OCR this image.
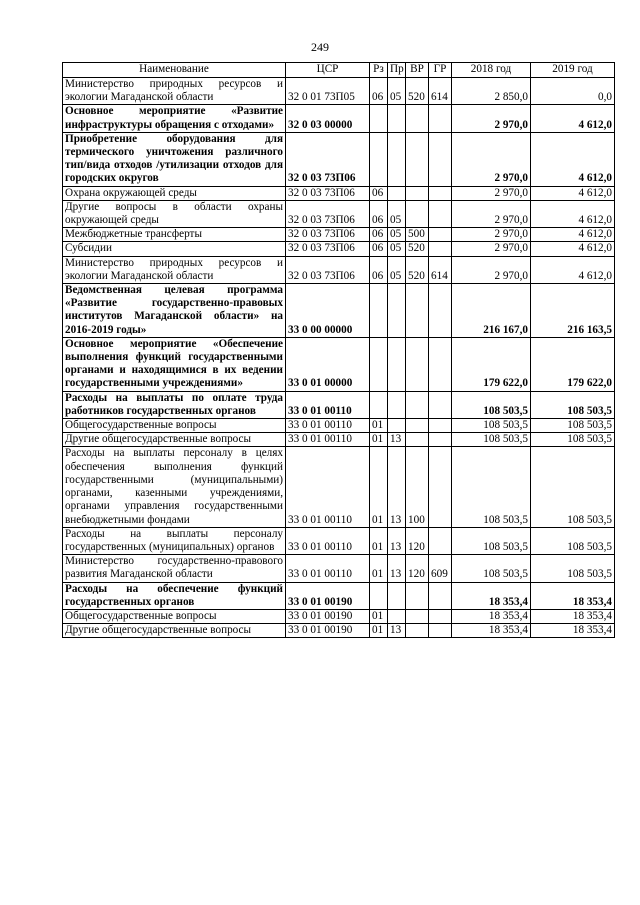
249
Наименование	ЦСР	Рз	Пр	ВР	ГР	2018 год	2019 год
Министерство природных ресурсов и экологии Магаданской области	32 0 01 73П05	06	05	520	614	2 850,0	0,0
Основное мероприятие «Развитие инфраструктуры обращения с отходами»	32 0 03 00000					2 970,0	4 612,0
Приобретение оборудования для термического уничтожения различного тип/вида отходов /утилизации отходов для городских округов	32 0 03 73П06					2 970,0	4 612,0
Охрана окружающей среды	32 0 03 73П06	06				2 970,0	4 612,0
Другие вопросы в области охраны окружающей среды	32 0 03 73П06	06	05			2 970,0	4 612,0
Межбюджетные трансферты	32 0 03 73П06	06	05	500		2 970,0	4 612,0
Субсидии	32 0 03 73П06	06	05	520		2 970,0	4 612,0
Министерство природных ресурсов и экологии Магаданской области	32 0 03 73П06	06	05	520	614	2 970,0	4 612,0
Ведомственная целевая программа «Развитие государственно-правовых институтов Магаданской области» на 2016-2019 годы»	33 0 00 00000					216 167,0	216 163,5
Основное мероприятие «Обеспечение выполнения функций государственными органами и находящимися в их ведении государственными учреждениями»	33 0 01 00000					179 622,0	179 622,0
Расходы на выплаты по оплате труда работников государственных органов	33 0 01 00110					108 503,5	108 503,5
Общегосударственные вопросы	33 0 01 00110	01				108 503,5	108 503,5
Другие общегосударственные вопросы	33 0 01 00110	01	13			108 503,5	108 503,5
Расходы на выплаты персоналу в целях обеспечения выполнения функций государственными (муниципальными) органами, казенными учреждениями, органами управления государственными внебюджетными фондами	33 0 01 00110	01	13	100		108 503,5	108 503,5
Расходы на выплаты персоналу государственных (муниципальных) органов	33 0 01 00110	01	13	120		108 503,5	108 503,5
Министерство государственно-правового развития Магаданской области	33 0 01 00110	01	13	120	609	108 503,5	108 503,5
Расходы на обеспечение функций государственных органов	33 0 01 00190					18 353,4	18 353,4
Общегосударственные вопросы	33 0 01 00190	01				18 353,4	18 353,4
Другие общегосударственные вопросы	33 0 01 00190	01	13			18 353,4	18 353,4
